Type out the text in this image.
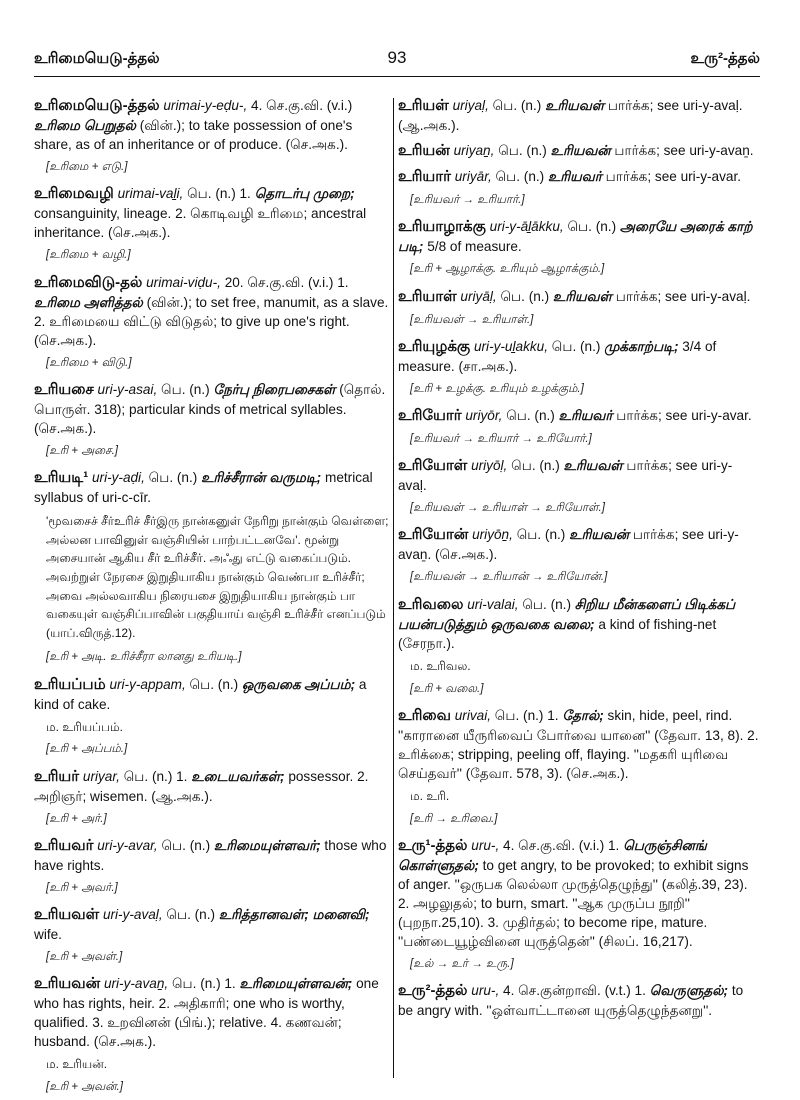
உரிமையெடு-த்தல்	93	உரு²-த்தல்
உரிமையெடு-த்தல் urimai-y-eḍu-, 4. செ.கு.வி. (v.i.) உரிமை பெறுதல் (வின்.); to take possession of one's share, as of an inheritance or of produce. (செ.அக.).
[உரிமை + எடு.]
உரிமைவழி urimai-vaḻi, பெ. (n.) 1. தொடர்பு முறை; consanguinity, lineage. 2. கொடிவழி உரிமை; ancestral inheritance. (செ.அக.).
[உரிமை + வழி.]
உரிமைவிடு-தல் urimai-viḍu-, 20. செ.கு.வி. (v.i.) 1. உரிமை அளித்தல் (வின்.); to set free, manumit, as a slave. 2. உரிமையை விட்டு விடுதல்; to give up one's right. (செ.அக.).
[உரிமை + விடு.]
உரியசை uri-y-asai, பெ. (n.) நேர்பு நிரைபசைகள் (தொல். பொருள். 318); particular kinds of metrical syllables. (செ.அக.).
[உரி + அசை.]
உரியடி¹ uri-y-aḍi, பெ. (n.) உரிச்சீரான் வருமடி; metrical syllabus of uri-c-cīr.
'மூவசைச் சீர்உரிச் சீர்இரு நான்கனுள் நேரிறு நான்கும் வெள்ளை; அல்லன பாவினுள் வஞ்சியின் பாற்பட்டனவே'. மூன்று அசையான் ஆகிய சீர் உரிச்சீர். அஃது எட்டு வகைப்படும். அவற்றுள் நேரசை இறுதியாகிய நான்கும் வெண்பா உரிச்சீர்; அவை அல்லவாகிய நிரையசை இறுதியாகிய நான்கும் பா வகையுள் வஞ்சிப்பாவின் பகுதியாய் வஞ்சி உரிச்சீர் எனப்படும் (யாப்.விருத்.12).
[உரி + அடி. உரிச்சீரா லானது உரியடி.]
உரியப்பம் uri-y-appam, பெ. (n.) ஒருவகை அப்பம்; a kind of cake.
ம. உரியப்பம்.
[உரி + அப்பம்.]
உரியர் uriyar, பெ. (n.) 1. உடையவர்கள்; possessor. 2. அறிஞர்; wisemen. (ஆ.அக.).
[உரி + அர்.]
உரியவர் uri-y-avar, பெ. (n.) உரிமையுள்ளவர்; those who have rights.
[உரி + அவர்.]
உரியவள் uri-y-avaḷ, பெ. (n.) உரித்தானவள்; மனைவி; wife.
[உரி + அவள்.]
உரியவன் uri-y-avaṉ, பெ. (n.) 1. உரிமையுள்ளவன்; one who has rights, heir. 2. அதிகாரி; one who is worthy, qualified. 3. உறவினன் (பிங்.); relative. 4. கணவன்; husband. (செ.அக.).
ம. உரியன்.
[உரி + அவன்.]
உரியள் uriyaḷ, பெ. (n.) உரியவள் பார்க்க; see uri-y-avaḷ. (ஆ.அக.).
உரியன் uriyaṉ, பெ. (n.) உரியவன் பார்க்க; see uri-y-avaṉ.
உரியார் uriyār, பெ. (n.) உரியவர் பார்க்க; see uri-y-avar.
[உரியவர் → உரியார்.]
உரியாழாக்கு uri-y-āḻākku, பெ. (n.) அரையே அரைக் காற் படி; 5/8 of measure.
[உரி + ஆழாக்கு. உரியும் ஆழாக்கும்.]
உரியாள் uriyāḷ, பெ. (n.) உரியவள் பார்க்க; see uri-y-avaḷ.
[உரியவள் → உரியாள்.]
உரியுழக்கு uri-y-uḻakku, பெ. (n.) முக்காற்படி; 3/4 of measure. (சா.அக.).
[உரி + உழக்கு. உரியும் உழக்கும்.]
உரியோர் uriyōr, பெ. (n.) உரியவர் பார்க்க; see uri-y-avar.
[உரியவர் → உரியார் → உரியோர்.]
உரியோள் uriyōḷ, பெ. (n.) உரியவள் பார்க்க; see uri-y-avaḷ.
[உரியவள் → உரியாள் → உரியோள்.]
உரியோன் uriyōṉ, பெ. (n.) உரியவன் பார்க்க; see uri-y-avaṉ. (செ.அக.).
[உரியவன் → உரியான் → உரியோன்.]
உரிவலை uri-valai, பெ. (n.) சிறிய மீன்களைப் பிடிக்கப் பயன்படுத்தும் ஒருவகை வலை; a kind of fishing-net (சேரநா.).
ம. உரிவல.
[உரி + வலை.]
உரிவை urivai, பெ. (n.) 1. தோல்; skin, hide, peel, rind. ''காரானை யீருரிவைப் போர்வை யானை'' (தேவா. 13, 8). 2. உரிக்கை; stripping, peeling off, flaying. ''மதகரி யுரிவை செய்தவர்'' (தேவா. 578, 3). (செ.அக.).
ம. உரி.
[உரி → உரிவை.]
உரு¹-த்தல் uru-, 4. செ.கு.வி. (v.i.) 1. பெருஞ்சினங் கொள்ளுதல்; to get angry, to be provoked; to exhibit signs of anger. ''ஒருபக லெல்லா முருத்தெழுந்து'' (கலித்.39, 23). 2. அழலுதல்; to burn, smart. ''ஆக முருப்ப நூறி'' (புறநா.25,10). 3. முதிர்தல்; to become ripe, mature. ''பண்டையூழ்வினை யுருத்தென்'' (சிலப். 16,217).
[உல் → உர் → உரு.]
உரு²-த்தல் uru-, 4. செ.குன்றாவி. (v.t.) 1. வெருளுதல்; to be angry with. ''ஒள்வாட்டானை யுருத்தெழுந்தனறு''.
